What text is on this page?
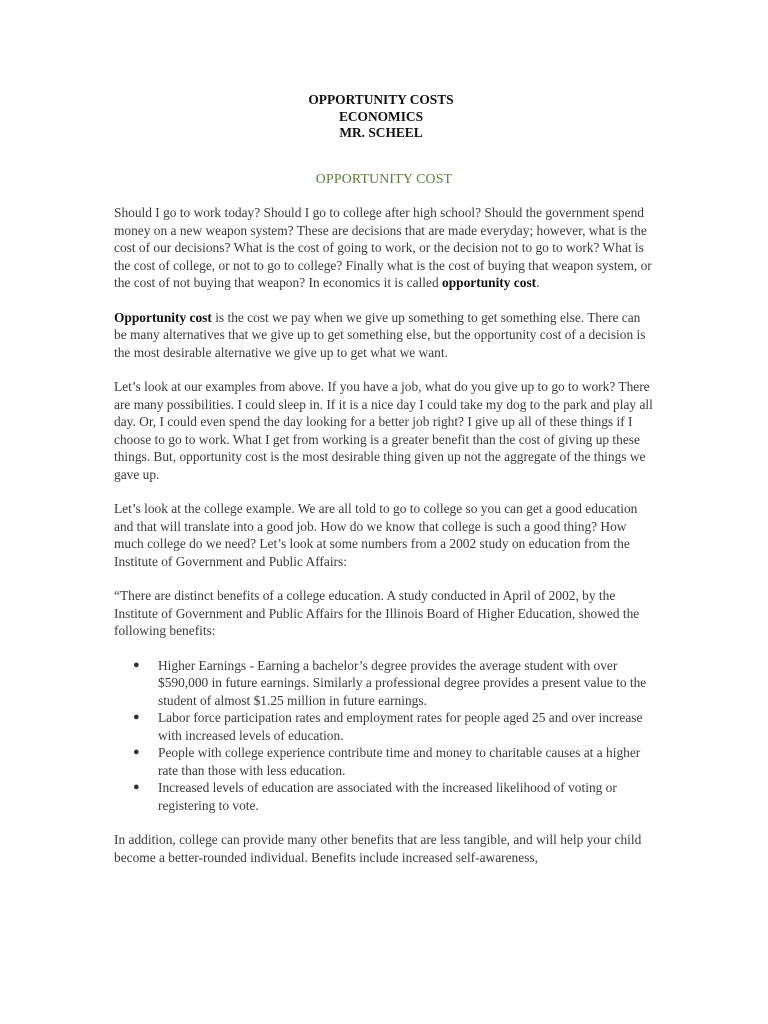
OPPORTUNITY COSTS
ECONOMICS
MR. SCHEEL
OPPORTUNITY COST

Should I go to work today? Should I go to college after high school? Should the government spend money on a new weapon system? These are decisions that are made everyday; however, what is the cost of our decisions? What is the cost of going to work, or the decision not to go to work? What is the cost of college, or not to go to college? Finally what is the cost of buying that weapon system, or the cost of not buying that weapon? In economics it is called opportunity cost.

Opportunity cost is the cost we pay when we give up something to get something else. There can be many alternatives that we give up to get something else, but the opportunity cost of a decision is the most desirable alternative we give up to get what we want.

Let’s look at our examples from above. If you have a job, what do you give up to go to work? There are many possibilities. I could sleep in. If it is a nice day I could take my dog to the park and play all day. Or, I could even spend the day looking for a better job right? I give up all of these things if I choose to go to work. What I get from working is a greater benefit than the cost of giving up these things. But, opportunity cost is the most desirable thing given up not the aggregate of the things we gave up.

Let’s look at the college example. We are all told to go to college so you can get a good education and that will translate into a good job. How do we know that college is such a good thing? How much college do we need? Let’s look at some numbers from a 2002 study on education from the Institute of Government and Public Affairs:

“There are distinct benefits of a college education. A study conducted in April of 2002, by the Institute of Government and Public Affairs for the Illinois Board of Higher Education, showed the following benefits:

● Higher Earnings - Earning a bachelor’s degree provides the average student with over $590,000 in future earnings. Similarly a professional degree provides a present value to the student of almost $1.25 million in future earnings.
● Labor force participation rates and employment rates for people aged 25 and over increase with increased levels of education.
● People with college experience contribute time and money to charitable causes at a higher rate than those with less education.
● Increased levels of education are associated with the increased likelihood of voting or registering to vote.

In addition, college can provide many other benefits that are less tangible, and will help your child become a better-rounded individual. Benefits include increased self-awareness,
